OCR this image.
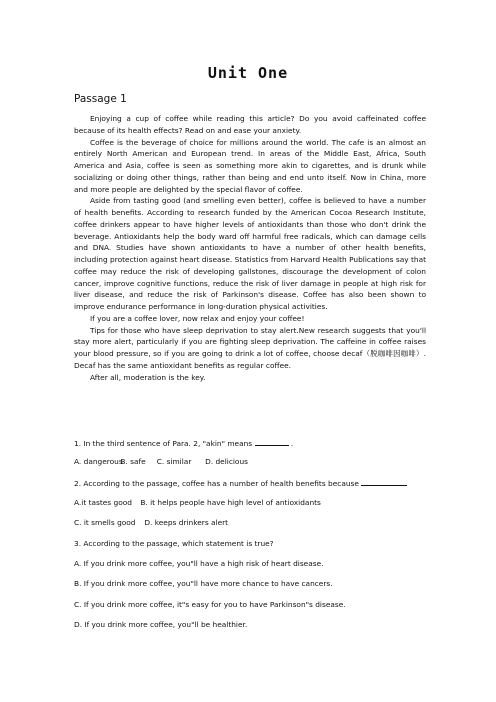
Unit One
Passage 1

Enjoying a cup of coffee while reading this article? Do you avoid caffeinated coffee because of its health effects? Read on and ease your anxiety.

Coffee is the beverage of choice for millions around the world. The cafe is an almost an entirely North American and European trend. In areas of the Middle East, Africa, South America and Asia, coffee is seen as something more akin to cigarettes, and is drunk while socializing or doing other things, rather than being and end unto itself. Now in China, more and more people are delighted by the special flavor of coffee.

Aside from tasting good (and smelling even better), coffee is believed to have a number of health benefits. According to research funded by the American Cocoa Research Institute, coffee drinkers appear to have higher levels of antioxidants than those who don't drink the beverage. Antioxidants help the body ward off harmful free radicals, which can damage cells and DNA. Studies have shown antioxidants to have a number of other health benefits, including protection against heart disease. Statistics from Harvard Health Publications say that coffee may reduce the risk of developing gallstones, discourage the development of colon cancer, improve cognitive functions, reduce the risk of liver damage in people at high risk for liver disease, and reduce the risk of Parkinson's disease. Coffee has also been shown to improve endurance performance in long-duration physical activities.

If you are a coffee lover, now relax and enjoy your coffee!

Tips for those who have sleep deprivation to stay alert.New research suggests that you'll stay more alert, particularly if you are fighting sleep deprivation. The caffeine in coffee raises your blood pressure, so if you are going to drink a lot of coffee, choose decaf（脱咖啡因咖啡）. Decaf has the same antioxidant benefits as regular coffee.

After all, moderation is the key.

1. In the third sentence of Para. 2, "akin" means	.
A. dangerous B. safe C. similar D. delicious
2. According to the passage, coffee has a number of health benefits because
A.it tastes good B. it helps people have high level of antioxidants
C. it smells good D. keeps drinkers alert
3. According to the passage, which statement is true?
A. If you drink more coffee, you"ll have a high risk of heart disease.
B. If you drink more coffee, you"ll have more chance to have cancers.
C. If you drink more coffee, it"s easy for you to have Parkinson"s disease.
D. If you drink more coffee, you"ll be healthier.
